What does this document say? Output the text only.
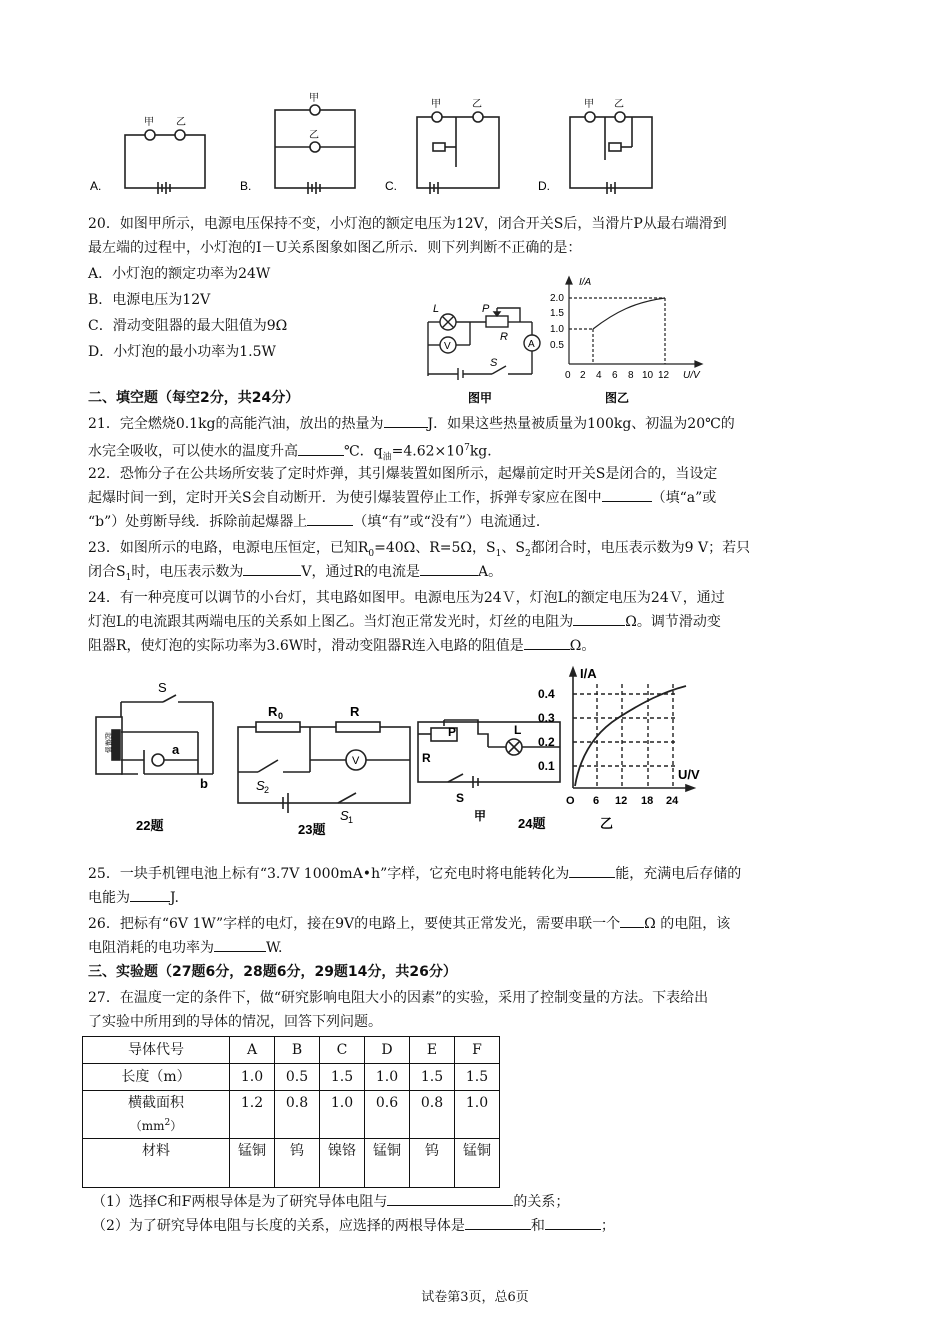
A.	B.	C.	D.
甲 乙
甲
乙
甲	乙	甲 乙
20．如图甲所示，电源电压保持不变，小灯泡的额定电压为12V，闭合开关S后，当滑片P从最右端滑到
最左端的过程中，小灯泡的I－U关系图象如图乙所示．则下列判断不正确的是：
A．小灯泡的额定功率为24W
B．电源电压为12V
C．滑动变阻器的最大阻值为9Ω
D．小灯泡的最小功率为1.5W
L	P
R
V	A
S
图甲
I/A
U/V
2.0
1.5
1.0
0.5
0 2 4 6 8 10 12
图乙
二、填空题（每空2分，共24分）
21．完全燃烧0.1kg的高能汽油，放出的热量为	J．如果这些热量被质量为100kg、初温为20℃的
水完全吸收，可以使水的温度升高	℃．$q_油=4.62\times 10^7kg$．
22．恐怖分子在公共场所安装了定时炸弹，其引爆装置如图所示，起爆前定时开关S是闭合的，当设定
起爆时间一到，定时开关S会自动断开．为使引爆装置停止工作，拆弹专家应在图中	（填“a”或
“b”）处剪断导线．拆除前起爆器上	（填“有”或“没有”）电流通过．
23．如图所示的电路，电源电压恒定，已知$R_0=40\Omega$、R=5Ω，$S_1$、$S_2$都闭合时，电压表示数为9 V；若只
闭合$S_1$时，电压表示数为	V，通过R的电流是	A。
24．有一种亮度可以调节的小台灯，其电路如图甲。电源电压为24Ｖ，灯泡L的额定电压为24Ｖ，通过
灯泡L的电流跟其两端电压的关系如上图乙。当灯泡正常发光时，灯丝的电阻为	Ω。调节滑动变
阻器R，使灯泡的实际功率为3.6W时，滑动变阻器R连入电路的阻值是	Ω。
S
a
b
起爆器
22题
R 0	R
V
S 2
S 1
23题
P
R
L
S
甲 24题	乙
I/A
U/V
0.4
0.3
0.2
0.1
O 6 12 18 24
25．一块手机锂电池上标有“3.7V 1000mA•h”字样，它充电时将电能转化为	能，充满电后存储的
电能为	J.
26．把标有“6V 1W”字样的电灯，接在9V的电路上，要使其正常发光，需要串联一个 Ω 的电阻，该
电阻消耗的电功率为	W.
三、实验题（27题6分，28题6分，29题14分，共26分）
27．在温度一定的条件下，做“研究影响电阻大小的因素”的实验，采用了控制变量的方法。下表给出
了实验中所用到的导体的情况，回答下列问题。
导体代号	A	B	C	D	E	F
长度（m）	1.0	0.5	1.5	1.0	1.5	1.5

横截面积
$(mm^2)$	1.2	0.8	1.0	0.6	0.8	1.0
材料	锰铜	钨	镍铬	锰铜	钨	锰铜
（1）选择C和F两根导体是为了研究导体电阻与	的关系；
（2）为了研究导体电阻与长度的关系，应选择的两根导体是	和	；
试卷第3页，总6页
